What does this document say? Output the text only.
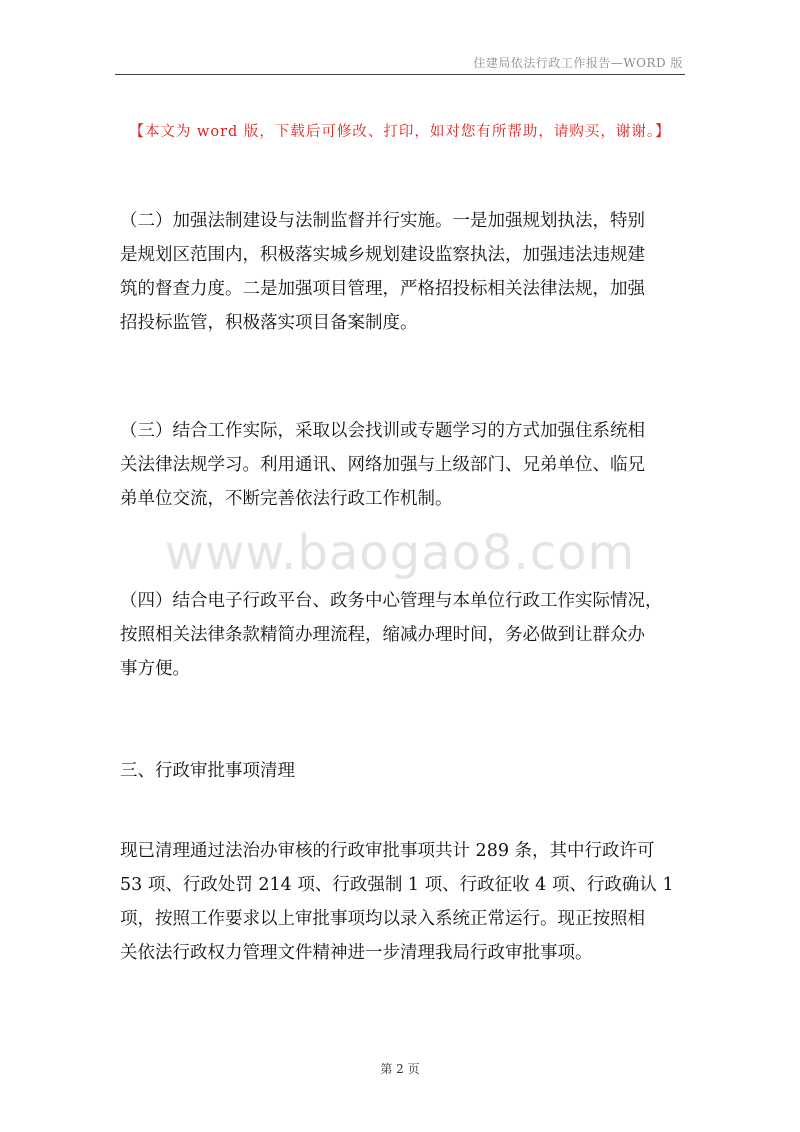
住建局依法行政工作报告—WORD 版
【本文为 word 版，下载后可修改、打印，如对您有所帮助，请购买，谢谢。】
（二）加强法制建设与法制监督并行实施。一是加强规划执法，特别
是规划区范围内，积极落实城乡规划建设监察执法，加强违法违规建
筑的督查力度。二是加强项目管理，严格招投标相关法律法规，加强
招投标监管，积极落实项目备案制度。
（三）结合工作实际，采取以会找训或专题学习的方式加强住系统相
关法律法规学习。利用通讯、网络加强与上级部门、兄弟单位、临兄
弟单位交流，不断完善依法行政工作机制。
www.baogao8.com
（四）结合电子行政平台、政务中心管理与本单位行政工作实际情况，
按照相关法律条款精简办理流程，缩减办理时间，务必做到让群众办
事方便。
三、行政审批事项清理
现已清理通过法治办审核的行政审批事项共计 289 条，其中行政许可
53 项、行政处罚 214 项、行政强制 1 项、行政征收 4 项、行政确认 1
项，按照工作要求以上审批事项均以录入系统正常运行。现正按照相
关依法行政权力管理文件精神进一步清理我局行政审批事项。
第 2 页
